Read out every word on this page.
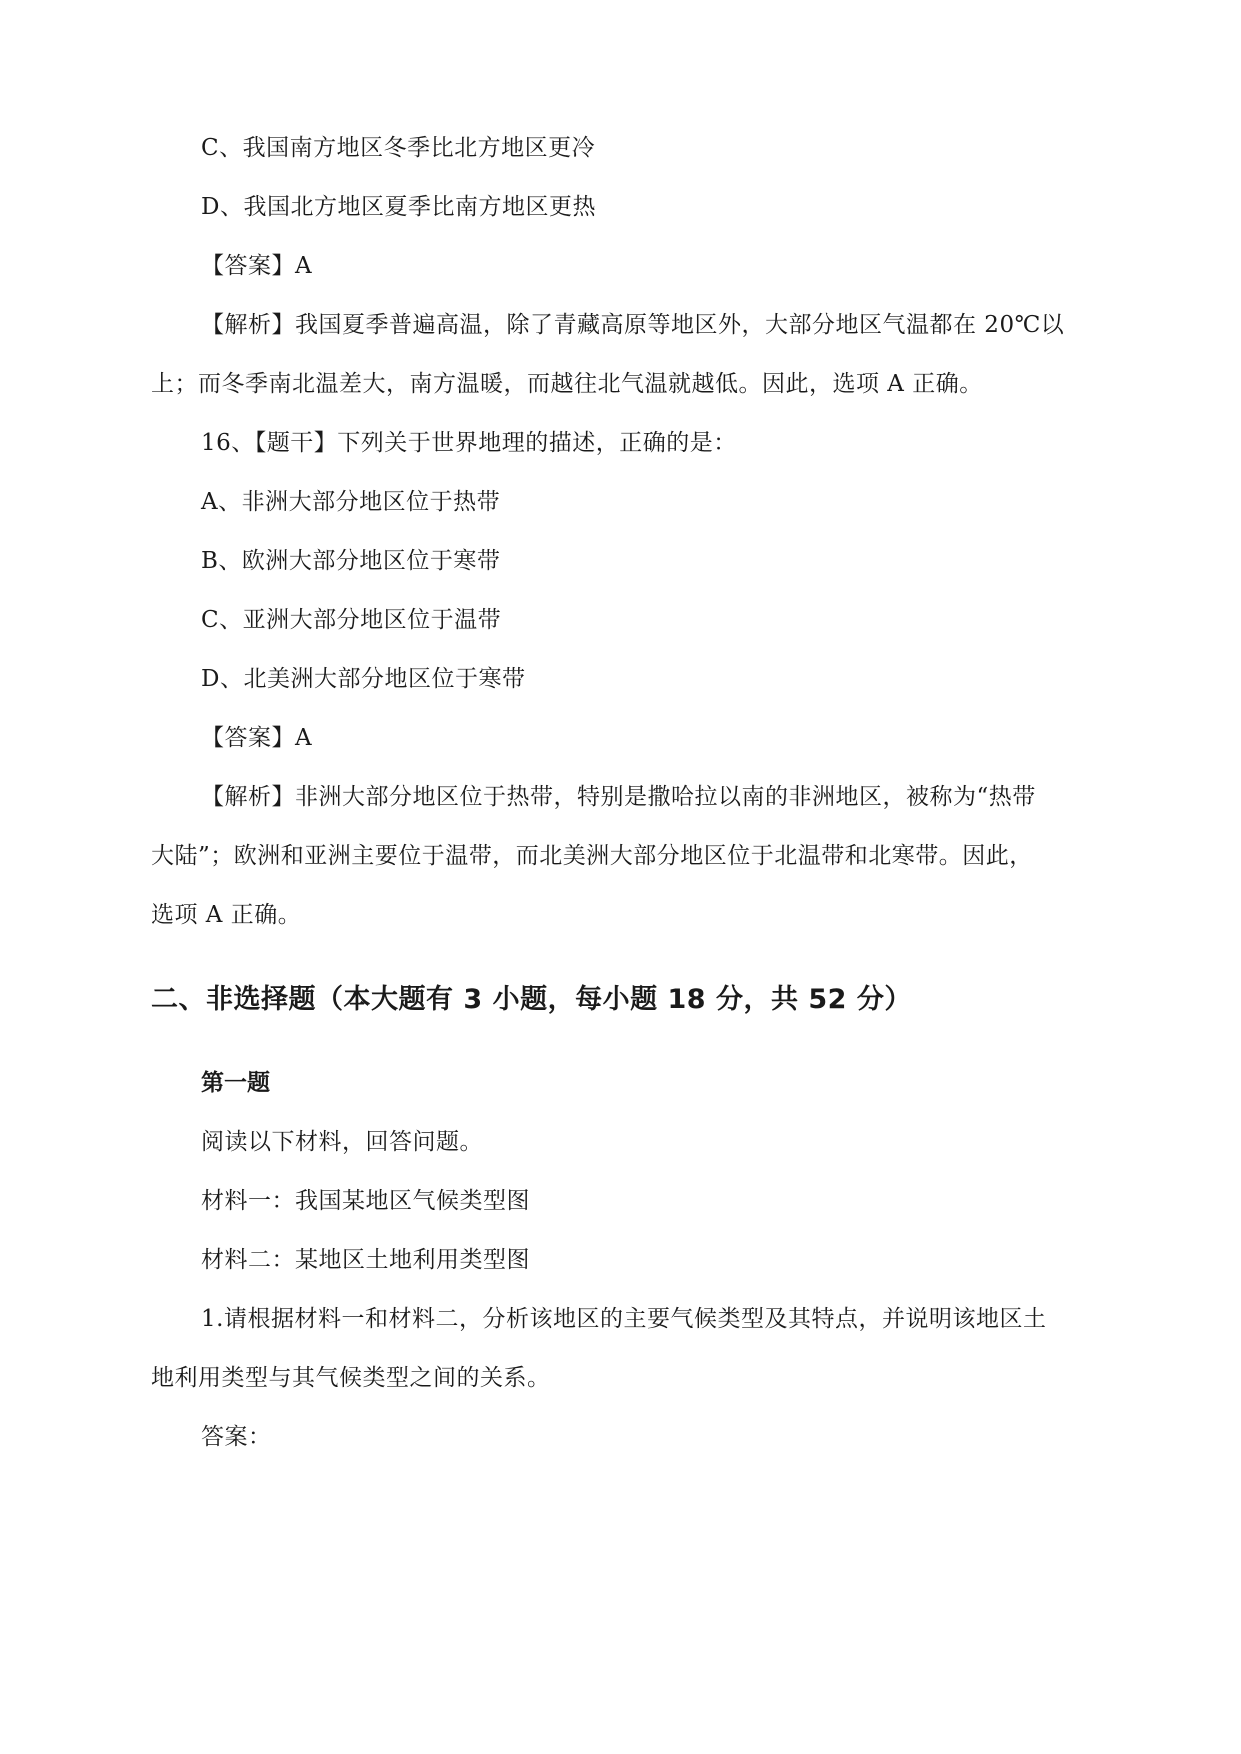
C、我国南方地区冬季比北方地区更冷
D、我国北方地区夏季比南方地区更热
【答案】A
【解析】我国夏季普遍高温，除了青藏高原等地区外，大部分地区气温都在 20℃以
上；而冬季南北温差大，南方温暖，而越往北气温就越低。因此，选项 A 正确。
16、【题干】下列关于世界地理的描述，正确的是：
A、非洲大部分地区位于热带
B、欧洲大部分地区位于寒带
C、亚洲大部分地区位于温带
D、北美洲大部分地区位于寒带
【答案】A
【解析】非洲大部分地区位于热带，特别是撒哈拉以南的非洲地区，被称为“热带
大陆”；欧洲和亚洲主要位于温带，而北美洲大部分地区位于北温带和北寒带。因此，
选项 A 正确。
二、非选择题（本大题有 3 小题，每小题 18 分，共 52 分）
第一题
阅读以下材料，回答问题。
材料一：我国某地区气候类型图
材料二：某地区土地利用类型图
1.请根据材料一和材料二，分析该地区的主要气候类型及其特点，并说明该地区土
地利用类型与其气候类型之间的关系。
答案：
